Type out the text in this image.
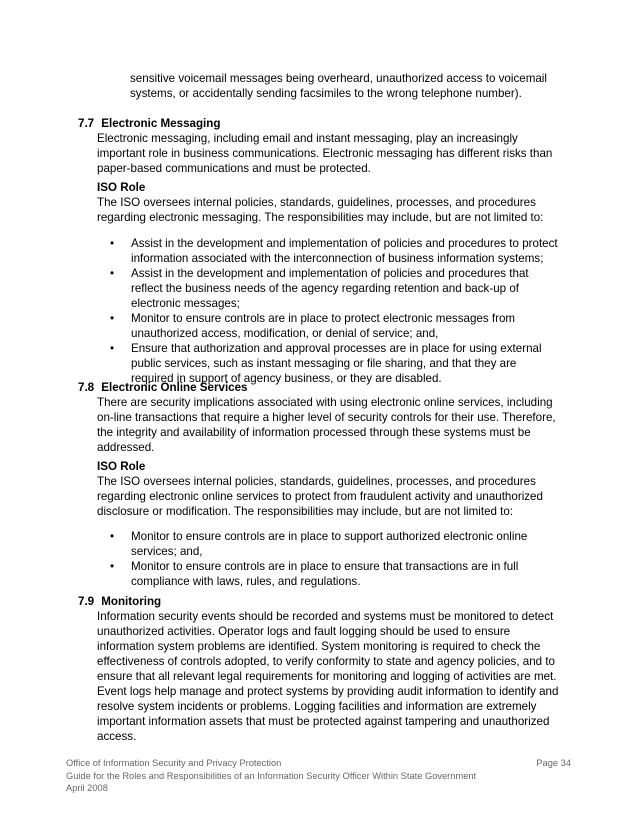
sensitive voicemail messages being overheard, unauthorized access to voicemail systems, or accidentally sending facsimiles to the wrong telephone number).

7.7 Electronic Messaging

Electronic messaging, including email and instant messaging, play an increasingly important role in business communications. Electronic messaging has different risks than paper-based communications and must be protected.

ISO Role

The ISO oversees internal policies, standards, guidelines, processes, and procedures regarding electronic messaging. The responsibilities may include, but are not limited to:

• Assist in the development and implementation of policies and procedures to protect information associated with the interconnection of business information systems;
• Assist in the development and implementation of policies and procedures that reflect the business needs of the agency regarding retention and back-up of electronic messages;
• Monitor to ensure controls are in place to protect electronic messages from unauthorized access, modification, or denial of service; and,
• Ensure that authorization and approval processes are in place for using external public services, such as instant messaging or file sharing, and that they are required in support of agency business, or they are disabled.
7.8 Electronic Online Services

There are security implications associated with using electronic online services, including on-line transactions that require a higher level of security controls for their use. Therefore, the integrity and availability of information processed through these systems must be addressed.

ISO Role

The ISO oversees internal policies, standards, guidelines, processes, and procedures regarding electronic online services to protect from fraudulent activity and unauthorized disclosure or modification. The responsibilities may include, but are not limited to:

• Monitor to ensure controls are in place to support authorized electronic online services; and,
• Monitor to ensure controls are in place to ensure that transactions are in full compliance with laws, rules, and regulations.
7.9 Monitoring

Information security events should be recorded and systems must be monitored to detect unauthorized activities. Operator logs and fault logging should be used to ensure information system problems are identified. System monitoring is required to check the effectiveness of controls adopted, to verify conformity to state and agency policies, and to ensure that all relevant legal requirements for monitoring and logging of activities are met. Event logs help manage and protect systems by providing audit information to identify and resolve system incidents or problems. Logging facilities and information are extremely important information assets that must be protected against tampering and unauthorized access.

Office of Information Security and Privacy Protection	Page 34
Guide for the Roles and Responsibilities of an Information Security Officer Within State Government
April 2008
